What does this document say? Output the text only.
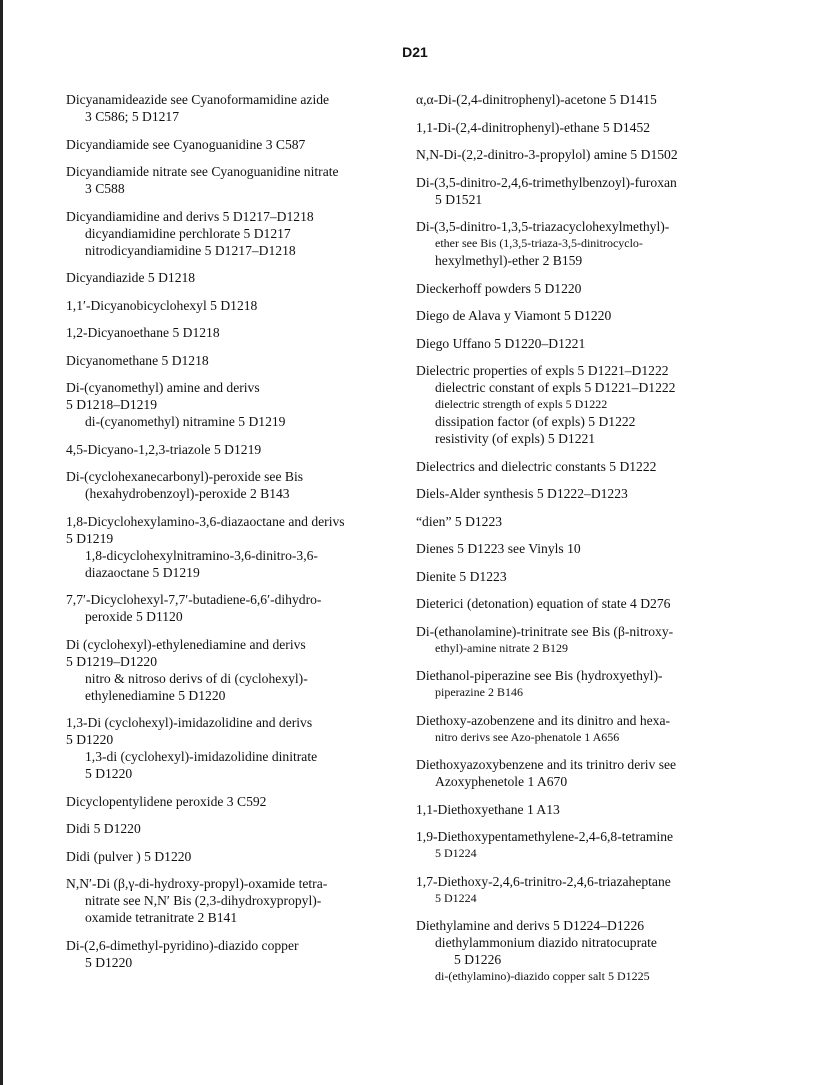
D21
Dicyanamideazide see Cyanoformamidine azide
3 C586; 5 D1217
Dicyandiamide see Cyanoguanidine 3 C587
Dicyandiamide nitrate see Cyanoguanidine nitrate
3 C588
Dicyandiamidine and derivs 5 D1217–D1218
dicyandiamidine perchlorate 5 D1217
nitrodicyandiamidine 5 D1217–D1218
Dicyandiazide 5 D1218
1,1′-Dicyanobicyclohexyl 5 D1218
1,2-Dicyanoethane 5 D1218
Dicyanomethane 5 D1218
Di-(cyanomethyl) amine and derivs
5 D1218–D1219
di-(cyanomethyl) nitramine 5 D1219
4,5-Dicyano-1,2,3-triazole 5 D1219
Di-(cyclohexanecarbonyl)-peroxide see Bis
(hexahydrobenzoyl)-peroxide 2 B143
1,8-Dicyclohexylamino-3,6-diazaoctane and derivs
5 D1219
1,8-dicyclohexylnitramino-3,6-dinitro-3,6-
diazaoctane 5 D1219
7,7′-Dicyclohexyl-7,7′-butadiene-6,6′-dihydro-
peroxide 5 D1120
Di (cyclohexyl)-ethylenediamine and derivs
5 D1219–D1220
nitro & nitroso derivs of di (cyclohexyl)-
ethylenediamine 5 D1220
1,3-Di (cyclohexyl)-imidazolidine and derivs
5 D1220
1,3-di (cyclohexyl)-imidazolidine dinitrate
5 D1220
Dicyclopentylidene peroxide 3 C592
Didi 5 D1220
Didi (pulver ) 5 D1220
N,N′-Di (β,γ-di-hydroxy-propyl)-oxamide tetra-
nitrate see N,N′ Bis (2,3-dihydroxypropyl)-
oxamide tetranitrate 2 B141
Di-(2,6-dimethyl-pyridino)-diazido copper
5 D1220
α,α-Di-(2,4-dinitrophenyl)-acetone 5 D1415
1,1-Di-(2,4-dinitrophenyl)-ethane 5 D1452
N,N-Di-(2,2-dinitro-3-propylol) amine 5 D1502
Di-(3,5-dinitro-2,4,6-trimethylbenzoyl)-furoxan
5 D1521
Di-(3,5-dinitro-1,3,5-triazacyclohexylmethyl)-
ether see Bis (1,3,5-triaza-3,5-dinitrocyclo-
hexylmethyl)-ether 2 B159
Dieckerhoff powders 5 D1220
Diego de Alava y Viamont 5 D1220
Diego Uffano 5 D1220–D1221
Dielectric properties of expls 5 D1221–D1222
dielectric constant of expls 5 D1221–D1222
dielectric strength of expls 5 D1222
dissipation factor (of expls) 5 D1222
resistivity (of expls) 5 D1221
Dielectrics and dielectric constants 5 D1222
Diels-Alder synthesis 5 D1222–D1223
“dien” 5 D1223
Dienes 5 D1223 see Vinyls 10
Dienite 5 D1223
Dieterici (detonation) equation of state 4 D276
Di-(ethanolamine)-trinitrate see Bis (β-nitroxy-
ethyl)-amine nitrate 2 B129
Diethanol-piperazine see Bis (hydroxyethyl)-
piperazine 2 B146
Diethoxy-azobenzene and its dinitro and hexa-
nitro derivs see Azo-phenatole 1 A656
Diethoxyazoxybenzene and its trinitro deriv see
Azoxyphenetole 1 A670
1,1-Diethoxyethane 1 A13
1,9-Diethoxypentamethylene-2,4-6,8-tetramine
5 D1224
1,7-Diethoxy-2,4,6-trinitro-2,4,6-triazaheptane
5 D1224
Diethylamine and derivs 5 D1224–D1226
diethylammonium diazido nitratocuprate
5 D1226
di-(ethylamino)-diazido copper salt 5 D1225
